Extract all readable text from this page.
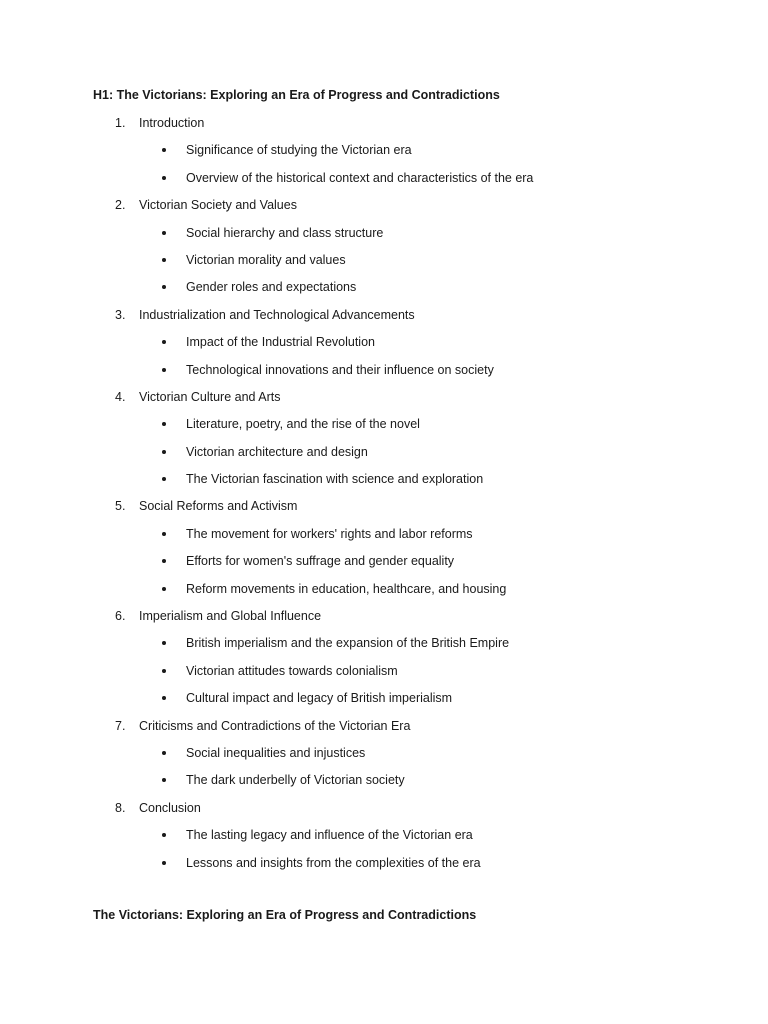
H1: The Victorians: Exploring an Era of Progress and Contradictions
1. Introduction
Significance of studying the Victorian era
Overview of the historical context and characteristics of the era
2. Victorian Society and Values
Social hierarchy and class structure
Victorian morality and values
Gender roles and expectations
3. Industrialization and Technological Advancements
Impact of the Industrial Revolution
Technological innovations and their influence on society
4. Victorian Culture and Arts
Literature, poetry, and the rise of the novel
Victorian architecture and design
The Victorian fascination with science and exploration
5. Social Reforms and Activism
The movement for workers' rights and labor reforms
Efforts for women's suffrage and gender equality
Reform movements in education, healthcare, and housing
6. Imperialism and Global Influence
British imperialism and the expansion of the British Empire
Victorian attitudes towards colonialism
Cultural impact and legacy of British imperialism
7. Criticisms and Contradictions of the Victorian Era
Social inequalities and injustices
The dark underbelly of Victorian society
8. Conclusion
The lasting legacy and influence of the Victorian era
Lessons and insights from the complexities of the era
The Victorians: Exploring an Era of Progress and Contradictions
